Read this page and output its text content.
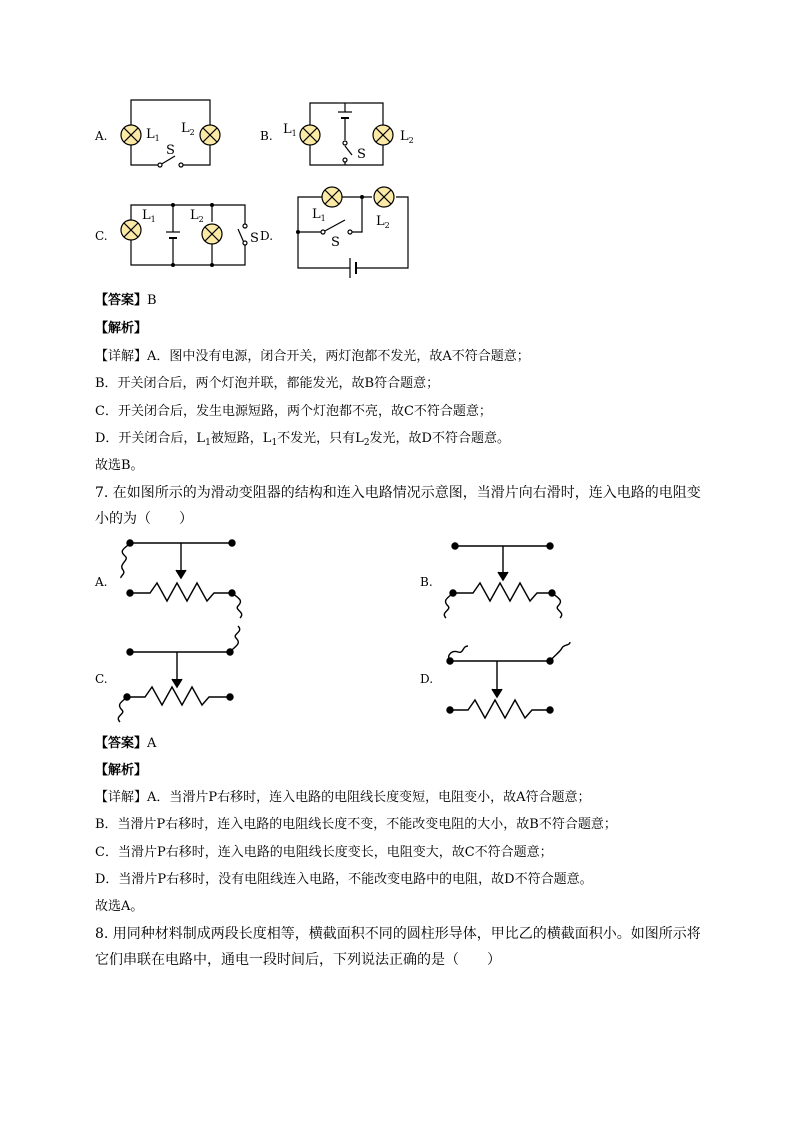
A.	$L_1$
$L_2$
S
B. $L_1$	$L_2$
S
C.
$L_1$	$L_2$
S D.
$L_1$	$L_2$
S
【答案】B
【解析】
【详解】A．图中没有电源，闭合开关，两灯泡都不发光，故A不符合题意；
B．开关闭合后，两个灯泡并联，都能发光，故B符合题意；
C．开关闭合后，发生电源短路，两个灯泡都不亮，故C不符合题意；
D．开关闭合后，$L_1$被短路，$L_1$不发光，只有$L_2$发光，故D不符合题意。
故选B。
7. 在如图所示的为滑动变阻器的结构和连入电路情况示意图，当滑片向右滑时，连入电路的电阻变
小的为（　　）
A.	B.
C.	D.
【答案】A
【解析】
【详解】A．当滑片P右移时，连入电路的电阻线长度变短，电阻变小，故A符合题意；
B．当滑片P右移时，连入电路的电阻线长度不变，不能改变电阻的大小，故B不符合题意；
C．当滑片P右移时，连入电路的电阻线长度变长，电阻变大，故C不符合题意；
D．当滑片P右移时，没有电阻线连入电路，不能改变电路中的电阻，故D不符合题意。
故选A。
8. 用同种材料制成两段长度相等，横截面积不同的圆柱形导体，甲比乙的横截面积小。如图所示将
它们串联在电路中，通电一段时间后，下列说法正确的是（　　）
